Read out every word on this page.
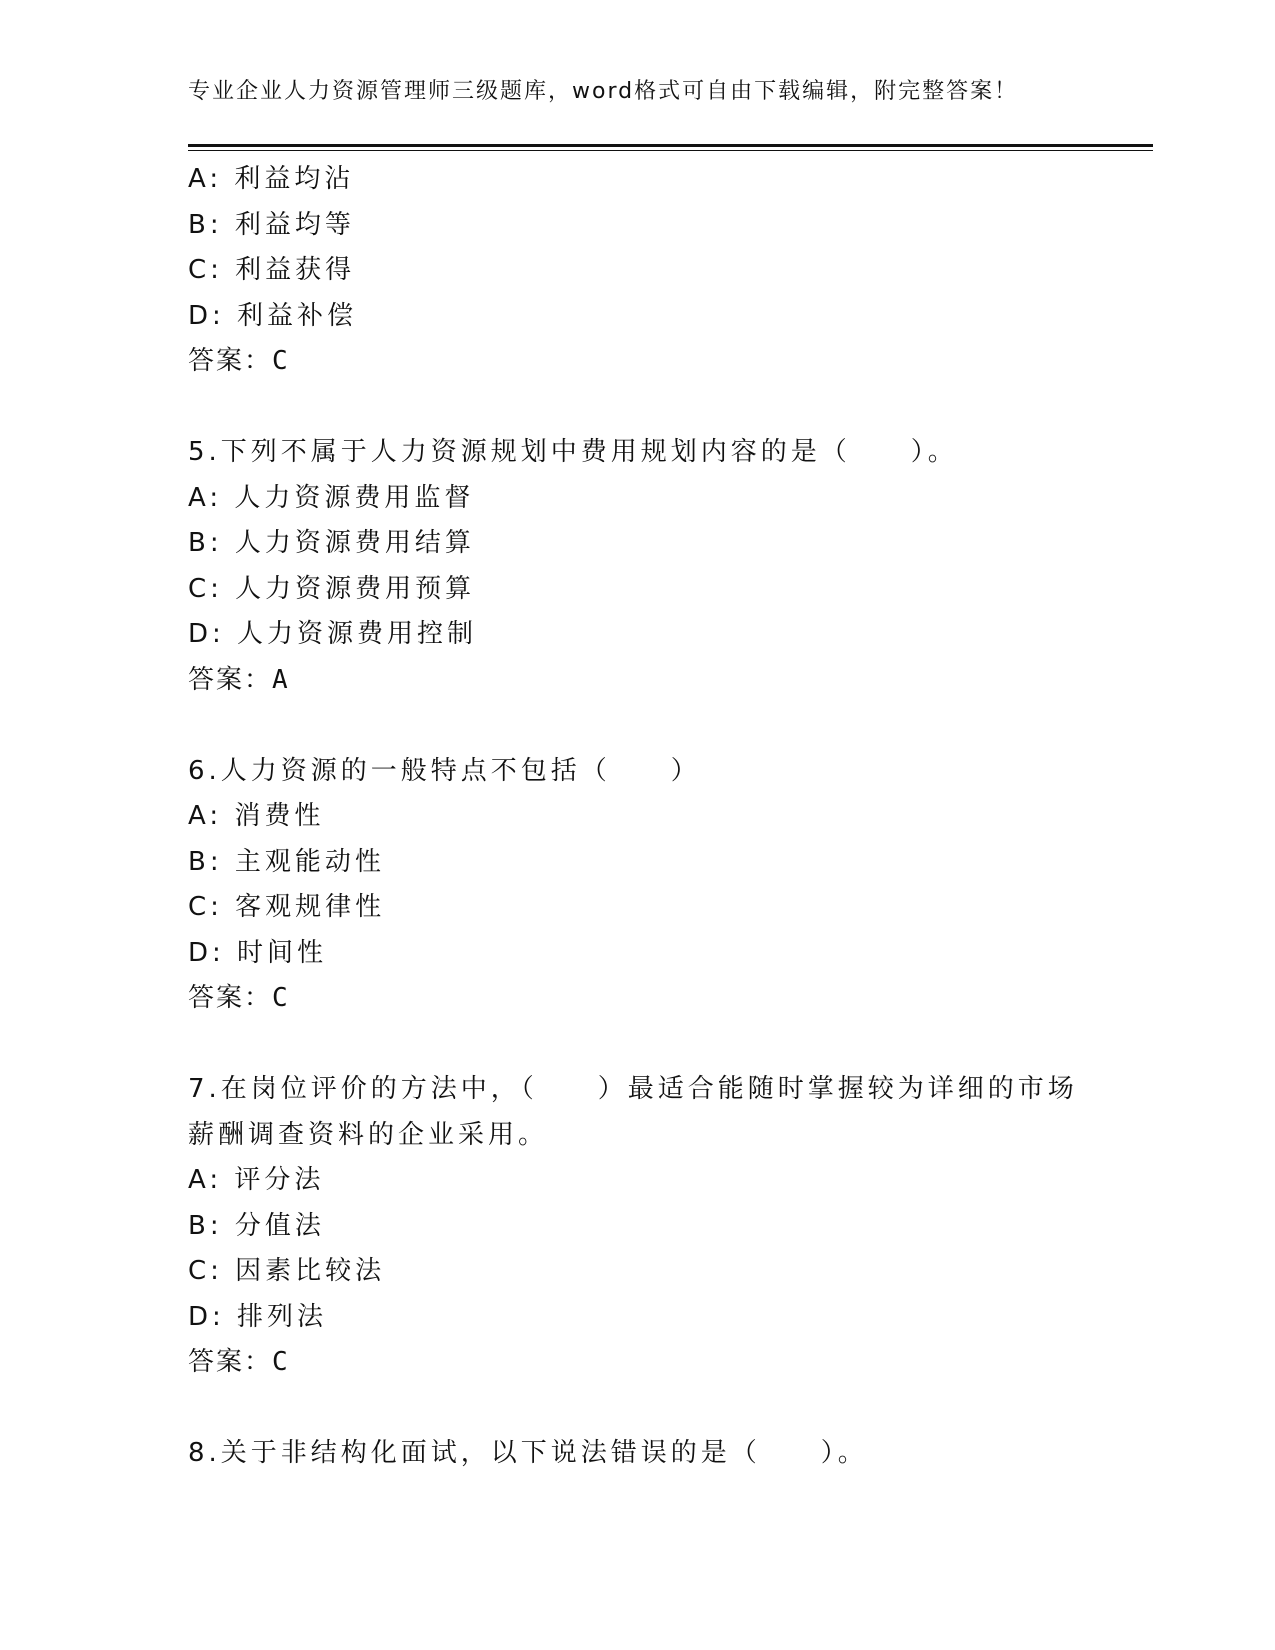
专业企业人力资源管理师三级题库，word格式可自由下载编辑，附完整答案！
A: 利益均沾
B: 利益均等
C: 利益获得
D: 利益补偿
答案：C
5.下列不属于人力资源规划中费用规划内容的是（　　）。
A: 人力资源费用监督
B: 人力资源费用结算
C: 人力资源费用预算
D: 人力资源费用控制
答案：A
6.人力资源的一般特点不包括（　　）
A: 消费性
B: 主观能动性
C: 客观规律性
D: 时间性
答案：C
7.在岗位评价的方法中，（　　）最适合能随时掌握较为详细的市场薪酬调查资料的企业采用。
A: 评分法
B: 分值法
C: 因素比较法
D: 排列法
答案：C
8.关于非结构化面试，以下说法错误的是（　　）。
